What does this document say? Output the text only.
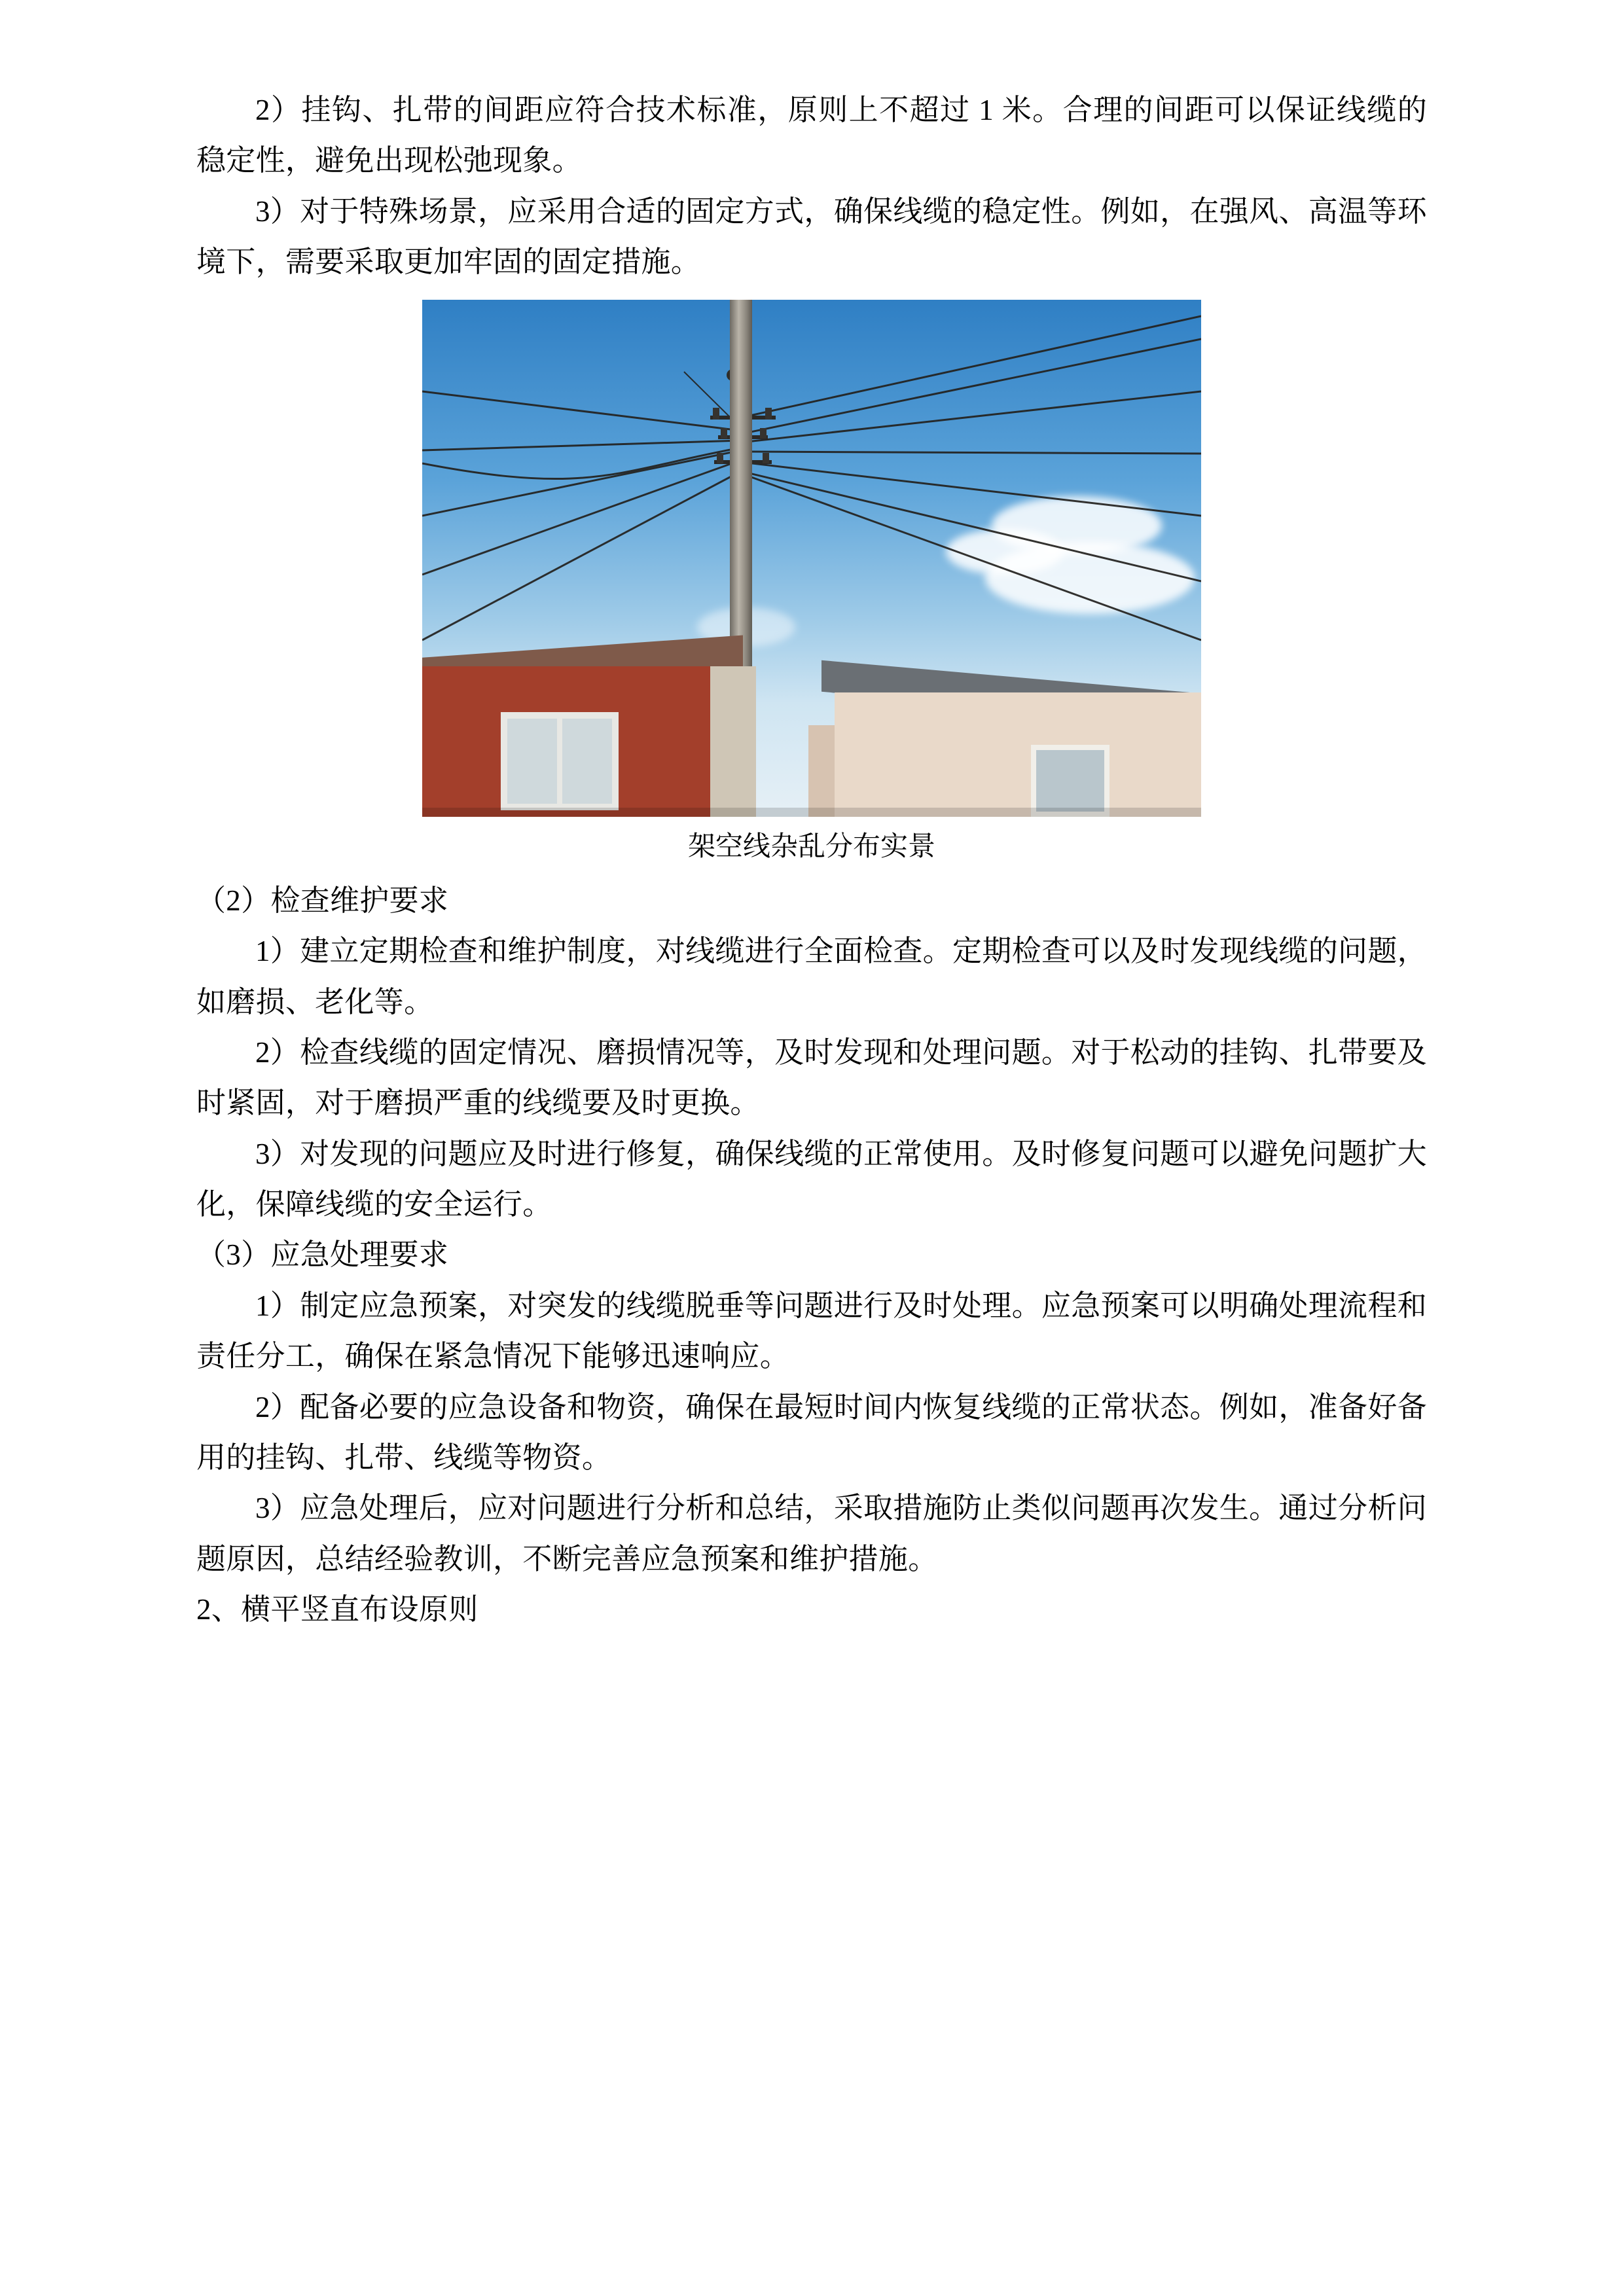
2）挂钩、扎带的间距应符合技术标准，原则上不超过 1 米。合理的间距可以保证线缆的稳定性，避免出现松弛现象。

3）对于特殊场景，应采用合适的固定方式，确保线缆的稳定性。例如，在强风、高温等环境下，需要采取更加牢固的固定措施。

架空线杂乱分布实景

（2）检查维护要求

1）建立定期检查和维护制度，对线缆进行全面检查。定期检查可以及时发现线缆的问题，如磨损、老化等。

2）检查线缆的固定情况、磨损情况等，及时发现和处理问题。对于松动的挂钩、扎带要及时紧固，对于磨损严重的线缆要及时更换。

3）对发现的问题应及时进行修复，确保线缆的正常使用。及时修复问题可以避免问题扩大化，保障线缆的安全运行。

（3）应急处理要求

1）制定应急预案，对突发的线缆脱垂等问题进行及时处理。应急预案可以明确处理流程和责任分工，确保在紧急情况下能够迅速响应。

2）配备必要的应急设备和物资，确保在最短时间内恢复线缆的正常状态。例如，准备好备用的挂钩、扎带、线缆等物资。

3）应急处理后，应对问题进行分析和总结，采取措施防止类似问题再次发生。通过分析问题原因，总结经验教训，不断完善应急预案和维护措施。

2、横平竖直布设原则
